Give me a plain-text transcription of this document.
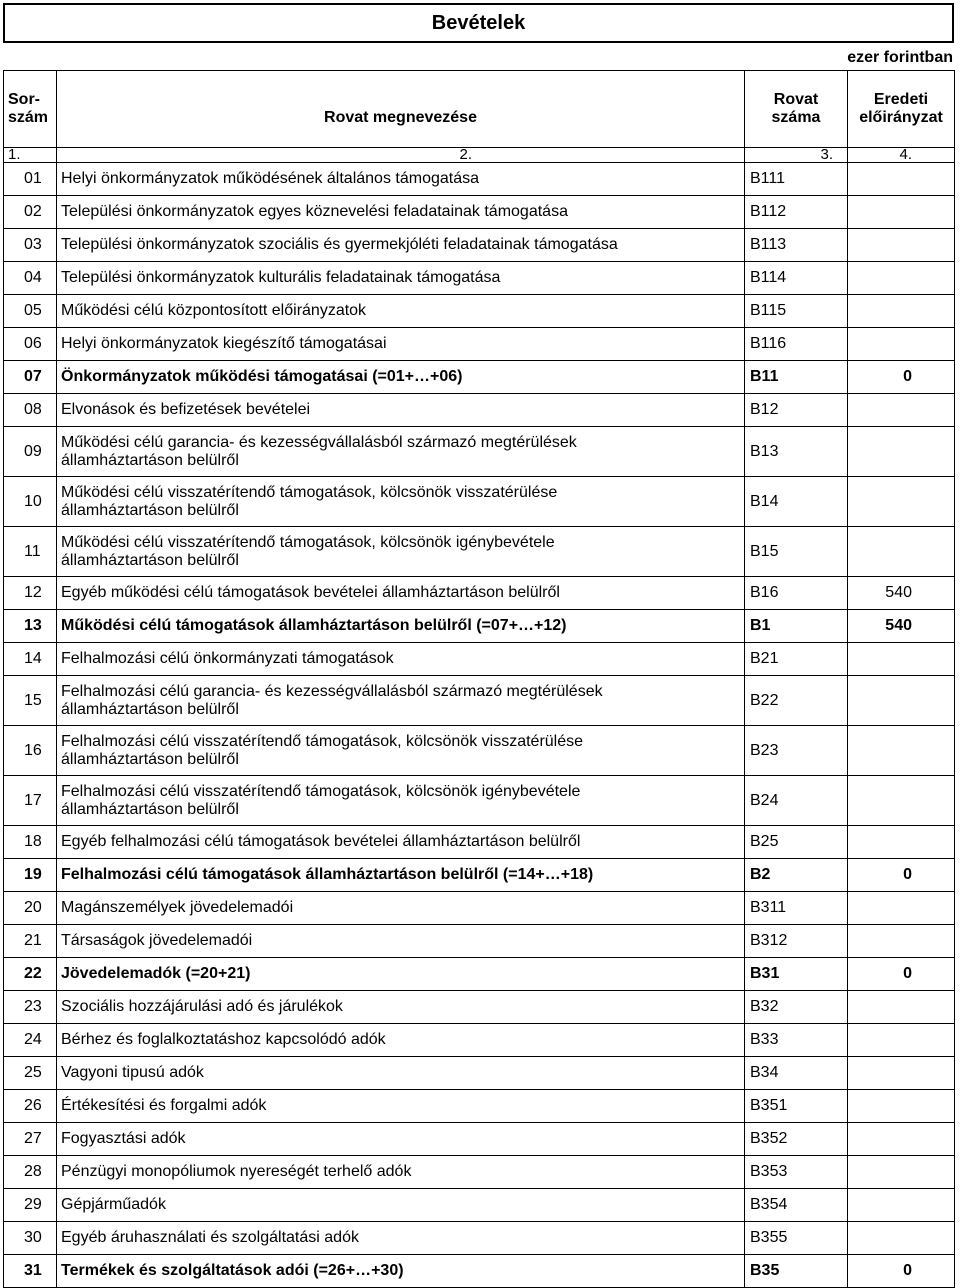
Bevételek
ezer forintban
Sor-
szám	Rovat megnevezése	Rovat
száma	Eredeti
előirányzat
1.	2.	3.	4.
01	Helyi önkormányzatok működésének általános támogatása	B111	
02	Települési önkormányzatok egyes köznevelési feladatainak támogatása	B112	
03	Települési önkormányzatok szociális és gyermekjóléti feladatainak támogatása	B113	
04	Települési önkormányzatok kulturális feladatainak támogatása	B114	
05	Működési célú központosított előirányzatok	B115	
06	Helyi önkormányzatok kiegészítő támogatásai	B116	
07	Önkormányzatok működési támogatásai (=01+…+06)	B11	0
08	Elvonások és befizetések bevételei	B12	
09	Működési célú garancia- és kezességvállalásból származó megtérülések
államháztartáson belülről	B13	
10	Működési célú visszatérítendő támogatások, kölcsönök visszatérülése
államháztartáson belülről	B14	
11	Működési célú visszatérítendő támogatások, kölcsönök igénybevétele
államháztartáson belülről	B15	
12	Egyéb működési célú támogatások bevételei államháztartáson belülről	B16	540
13	Működési célú támogatások államháztartáson belülről (=07+…+12)	B1	540
14	Felhalmozási célú önkormányzati támogatások	B21	
15	Felhalmozási célú garancia- és kezességvállalásból származó megtérülések
államháztartáson belülről	B22	
16	Felhalmozási célú visszatérítendő támogatások, kölcsönök visszatérülése
államháztartáson belülről	B23	
17	Felhalmozási célú visszatérítendő támogatások, kölcsönök igénybevétele
államháztartáson belülről	B24	
18	Egyéb felhalmozási célú támogatások bevételei államháztartáson belülről	B25	
19	Felhalmozási célú támogatások államháztartáson belülről (=14+…+18)	B2	0
20	Magánszemélyek jövedelemadói	B311	
21	Társaságok jövedelemadói	B312	
22	Jövedelemadók (=20+21)	B31	0
23	Szociális hozzájárulási adó és járulékok	B32	
24	Bérhez és foglalkoztatáshoz kapcsolódó adók	B33	
25	Vagyoni tipusú adók	B34	
26	Értékesítési és forgalmi adók	B351	
27	Fogyasztási adók	B352	
28	Pénzügyi monopóliumok nyereségét terhelő adók	B353	
29	Gépjárműadók	B354	
30	Egyéb áruhasználati és szolgáltatási adók	B355	
31	Termékek és szolgáltatások adói (=26+…+30)	B35	0
